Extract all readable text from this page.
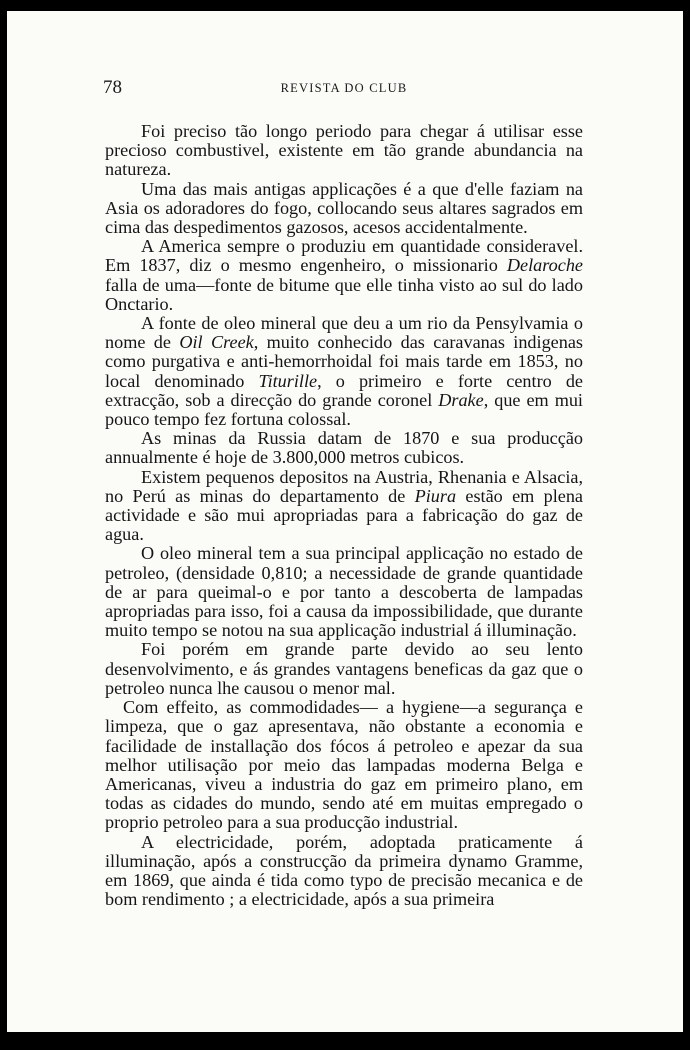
78	REVISTA DO CLUB

Foi preciso tão longo periodo para chegar á utilisar esse precioso combustivel, existente em tão grande abundancia na natureza.

Uma das mais antigas applicações é a que d'elle faziam na Asia os adoradores do fogo, collocando seus altares sagrados em cima das despedimentos gazosos, acesos accidentalmente.

A America sempre o produziu em quantidade consideravel. Em 1837, diz o mesmo engenheiro, o missionario Delaroche falla de uma—fonte de bitume que elle tinha visto ao sul do lado Onctario.

A fonte de oleo mineral que deu a um rio da Pensylvamia o nome de Oil Creek, muito conhecido das caravanas indigenas como purgativa e anti-hemorrhoidal foi mais tarde em 1853, no local denominado Titurille, o primeiro e forte centro de extracção, sob a direcção do grande coronel Drake, que em mui pouco tempo fez fortuna colossal.

As minas da Russia datam de 1870 e sua producção annualmente é hoje de 3.800,000 metros cubicos.

Existem pequenos depositos na Austria, Rhenania e Alsacia, no Perú as minas do departamento de Piura estão em plena actividade e são mui apropriadas para a fabricação do gaz de agua.

O oleo mineral tem a sua principal applicação no estado de petroleo, (densidade 0,810; a necessidade de grande quantidade de ar para queimal-o e por tanto a descoberta de lampadas apropriadas para isso, foi a causa da impossibilidade, que durante muito tempo se notou na sua applicação industrial á illuminação.

Foi porém em grande parte devido ao seu lento desenvolvimento, e ás grandes vantagens beneficas da gaz que o petroleo nunca lhe causou o menor mal.

Com effeito, as commodidades— a hygiene—a segurança e limpeza, que o gaz apresentava, não obstante a economia e facilidade de installação dos fócos á petroleo e apezar da sua melhor utilisação por meio das lampadas moderna Belga e Americanas, viveu a industria do gaz em primeiro plano, em todas as cidades do mundo, sendo até em muitas empregado o proprio petroleo para a sua producção industrial.

A electricidade, porém, adoptada praticamente á illuminação, após a construcção da primeira dynamo Gramme, em 1869, que ainda é tida como typo de precisão mecanica e de bom rendimento ; a electricidade, após a sua primeira
